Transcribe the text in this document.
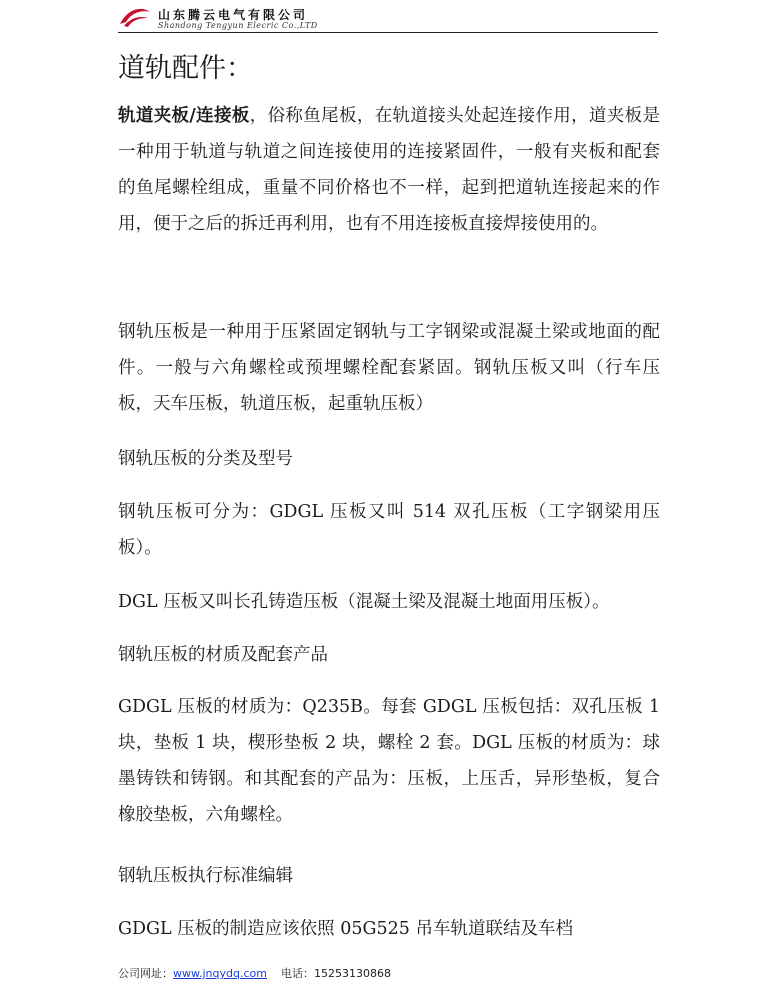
山东腾云电气有限公司
Shandong Tengyun Elecric Co.,LTD
道轨配件：

轨道夹板/连接板，俗称鱼尾板，在轨道接头处起连接作用，道夹板是一种用于轨道与轨道之间连接使用的连接紧固件，一般有夹板和配套的鱼尾螺栓组成，重量不同价格也不一样，起到把道轨连接起来的作用，便于之后的拆迁再利用，也有不用连接板直接焊接使用的。

钢轨压板是一种用于压紧固定钢轨与工字钢梁或混凝土梁或地面的配件。一般与六角螺栓或预埋螺栓配套紧固。钢轨压板又叫（行车压板，天车压板，轨道压板，起重轨压板）

钢轨压板的分类及型号

钢轨压板可分为：GDGL 压板又叫 514 双孔压板（工字钢梁用压板）。

DGL 压板又叫长孔铸造压板（混凝土梁及混凝土地面用压板）。

钢轨压板的材质及配套产品

GDGL 压板的材质为：Q235B。每套 GDGL 压板包括：双孔压板 1 块，垫板 1 块，楔形垫板 2 块，螺栓 2 套。DGL 压板的材质为：球墨铸铁和铸钢。和其配套的产品为：压板，上压舌，异形垫板，复合橡胶垫板，六角螺栓。

钢轨压板执行标准编辑

GDGL 压板的制造应该依照 05G525 吊车轨道联结及车档

公司网址：www.jnqydq.com 电话：15253130868
